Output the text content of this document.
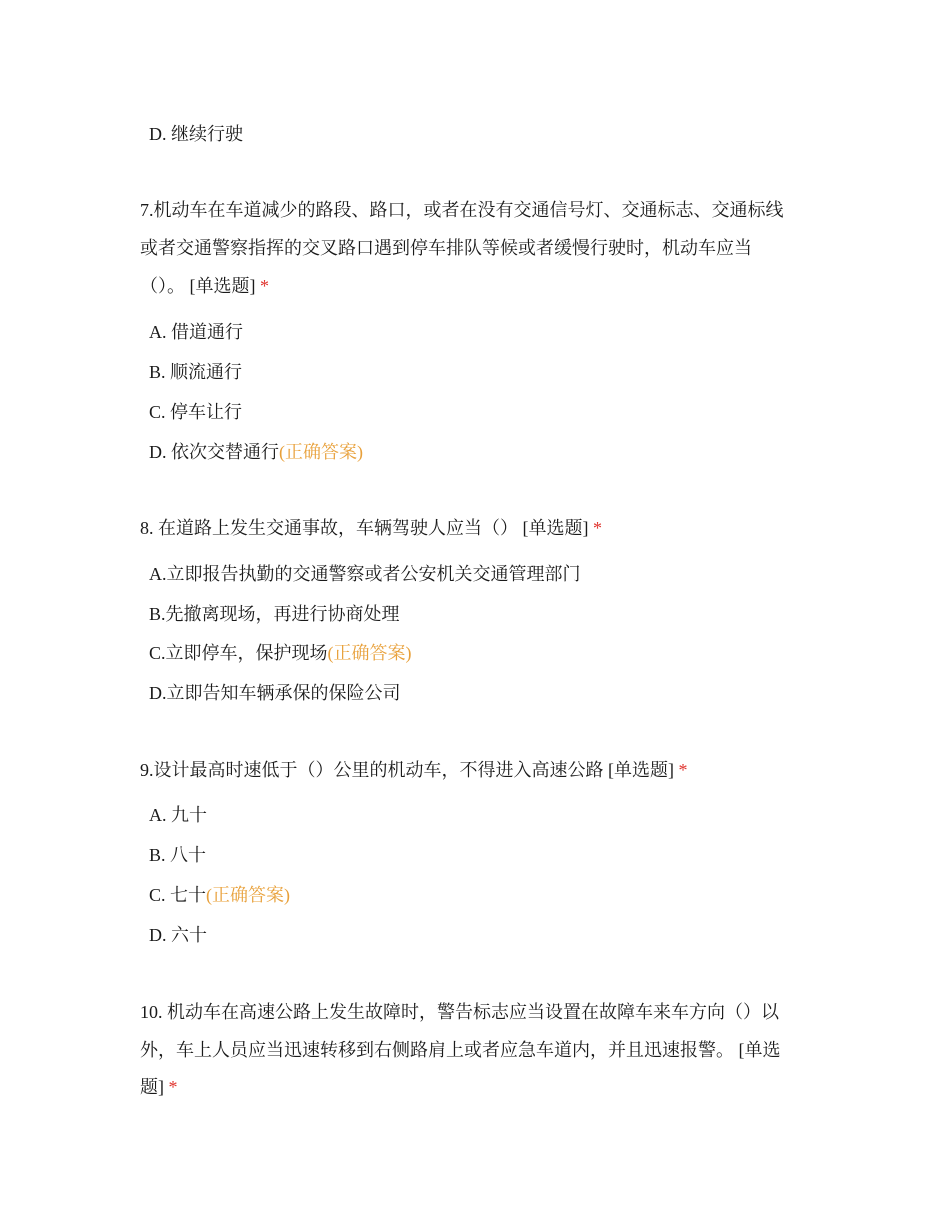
D. 继续行驶
7.机动车在车道减少的路段、路口，或者在没有交通信号灯、交通标志、交通标线
或者交通警察指挥的交叉路口遇到停车排队等候或者缓慢行驶时，机动车应当
（）。 [单选题] *
A. 借道通行
B. 顺流通行
C. 停车让行
D. 依次交替通行(正确答案)
8. 在道路上发生交通事故，车辆驾驶人应当（） [单选题] *
A.立即报告执勤的交通警察或者公安机关交通管理部门
B.先撤离现场，再进行协商处理
C.立即停车，保护现场(正确答案)
D.立即告知车辆承保的保险公司
9.设计最高时速低于（）公里的机动车，不得进入高速公路 [单选题] *
A. 九十
B. 八十
C. 七十(正确答案)
D. 六十
10. 机动车在高速公路上发生故障时，警告标志应当设置在故障车来车方向（）以
外，车上人员应当迅速转移到右侧路肩上或者应急车道内，并且迅速报警。 [单选
题] *
